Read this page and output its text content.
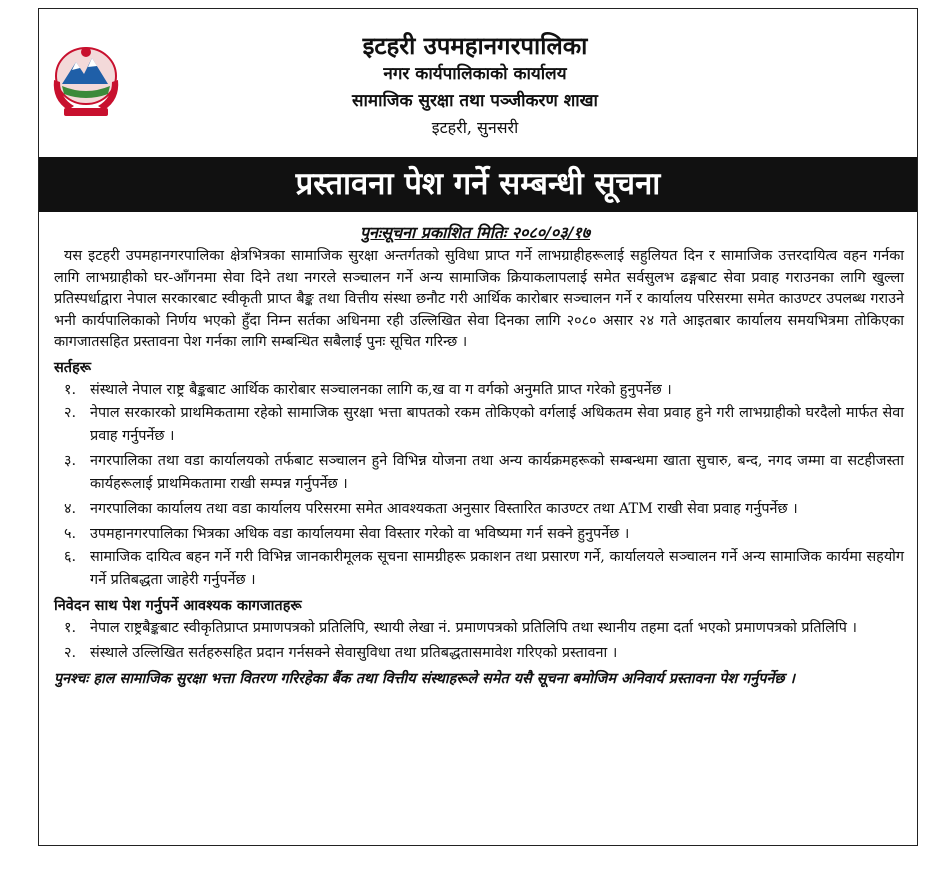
इटहरी उपमहानगरपालिका
नगर कार्यपालिकाको कार्यालय
सामाजिक सुरक्षा तथा पञ्जीकरण शाखा
इटहरी, सुनसरी
प्रस्तावना पेश गर्ने सम्बन्धी सूचना
पुनःसूचना प्रकाशित मितिः २०८०/०३/१७

यस इटहरी उपमहानगरपालिका क्षेत्रभित्रका सामाजिक सुरक्षा अन्तर्गतको सुविधा प्राप्त गर्ने लाभग्राहीहरूलाई सहुलियत दिन र सामाजिक उत्तरदायित्व वहन गर्नका लागि लाभग्राहीको घर-आँगनमा सेवा दिने तथा नगरले सञ्चालन गर्ने अन्य सामाजिक क्रियाकलापलाई समेत सर्वसुलभ ढङ्गबाट सेवा प्रवाह गराउनका लागि खुल्ला प्रतिस्पर्धाद्वारा नेपाल सरकारबाट स्वीकृती प्राप्त बैङ्क तथा वित्तीय संस्था छनौट गरी आर्थिक कारोबार सञ्चालन गर्ने र कार्यालय परिसरमा समेत काउण्टर उपलब्ध गराउने भनी कार्यपालिकाको निर्णय भएको हुँदा निम्न सर्तका अधिनमा रही उल्लिखित सेवा दिनका लागि २०८० असार २४ गते आइतबार कार्यालय समयभित्रमा तोकिएका कागजातसहित प्रस्तावना पेश गर्नका लागि सम्बन्धित सबैलाई पुनः सूचित गरिन्छ ।

सर्तहरू
१. संस्थाले नेपाल राष्ट्र बैङ्कबाट आर्थिक कारोबार सञ्चालनका लागि क,ख वा ग वर्गको अनुमति प्राप्त गरेको हुनुपर्नेछ ।
२. नेपाल सरकारको प्राथमिकतामा रहेको सामाजिक सुरक्षा भत्ता बापतको रकम तोकिएको वर्गलाई अधिकतम सेवा प्रवाह हुने गरी लाभग्राहीको घरदैलो मार्फत सेवा प्रवाह गर्नुपर्नेछ ।
३. नगरपालिका तथा वडा कार्यालयको तर्फबाट सञ्चालन हुने विभिन्न योजना तथा अन्य कार्यक्रमहरूको सम्बन्धमा खाता सुचारु, बन्द, नगद जम्मा वा सटहीजस्ता कार्यहरूलाई प्राथमिकतामा राखी सम्पन्न गर्नुपर्नेछ ।
४. नगरपालिका कार्यालय तथा वडा कार्यालय परिसरमा समेत आवश्यकता अनुसार विस्तारित काउण्टर तथा ATM राखी सेवा प्रवाह गर्नुपर्नेछ ।
५. उपमहानगरपालिका भित्रका अधिक वडा कार्यालयमा सेवा विस्तार गरेको वा भविष्यमा गर्न सक्ने हुनुपर्नेछ ।
६. सामाजिक दायित्व बहन गर्ने गरी विभिन्न जानकारीमूलक सूचना सामग्रीहरू प्रकाशन तथा प्रसारण गर्ने, कार्यालयले सञ्चालन गर्ने अन्य सामाजिक कार्यमा सहयोग गर्ने प्रतिबद्धता जाहेरी गर्नुपर्नेछ ।
निवेदन साथ पेश गर्नुपर्ने आवश्यक कागजातहरू
१. नेपाल राष्ट्रबैङ्कबाट स्वीकृतिप्राप्त प्रमाणपत्रको प्रतिलिपि, स्थायी लेखा नं. प्रमाणपत्रको प्रतिलिपि तथा स्थानीय तहमा दर्ता भएको प्रमाणपत्रको प्रतिलिपि ।
२. संस्थाले उल्लिखित सर्तहरुसहित प्रदान गर्नसक्ने सेवासुविधा तथा प्रतिबद्धतासमावेश गरिएको प्रस्तावना ।
पुनश्चः हाल सामाजिक सुरक्षा भत्ता वितरण गरिरहेका बैंक तथा वित्तीय संस्थाहरूले समेत यसै सूचना बमोजिम अनिवार्य प्रस्तावना पेश गर्नुपर्नेछ ।
